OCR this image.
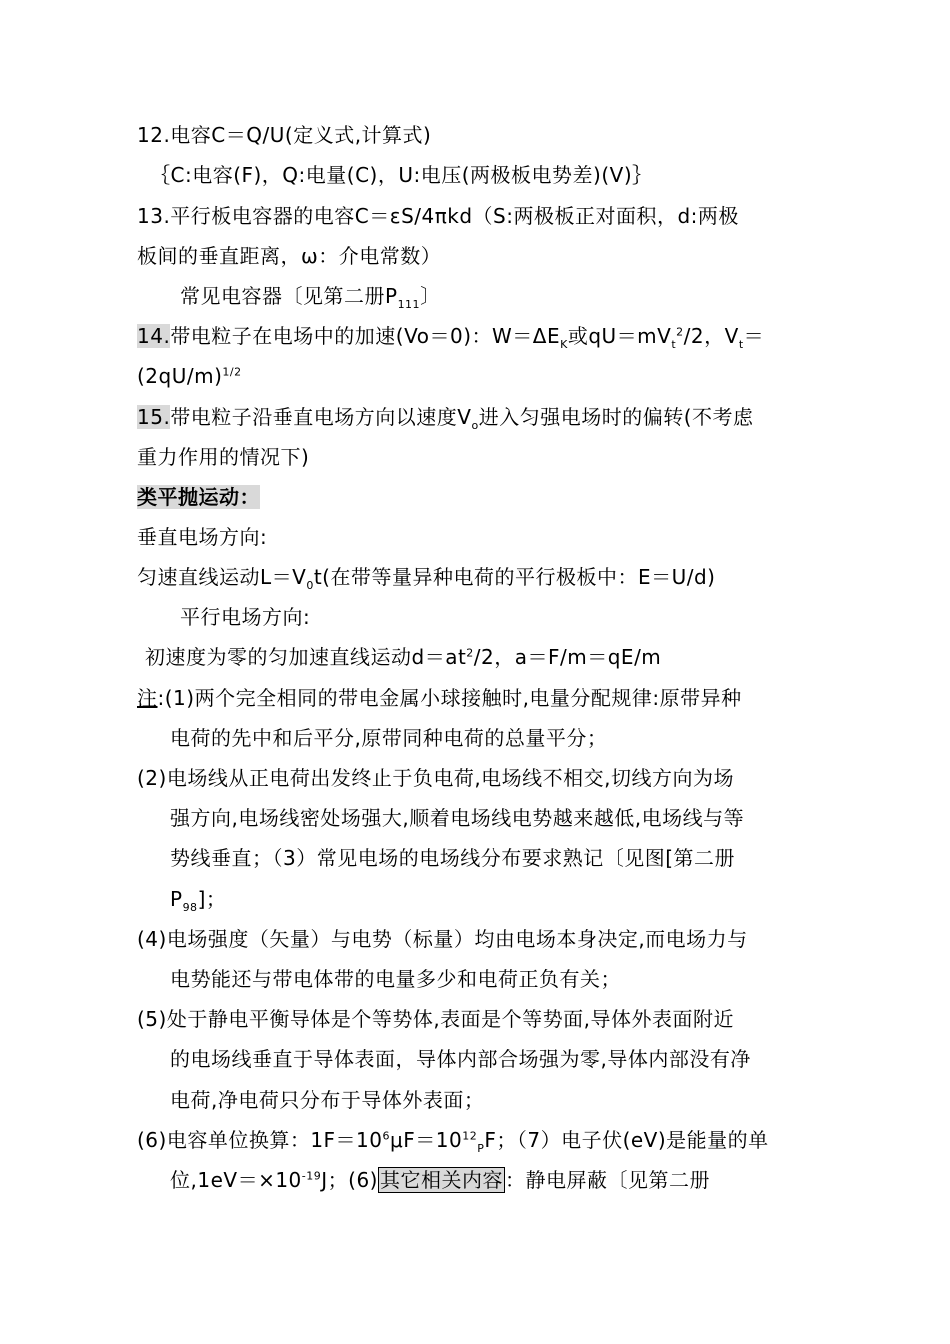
12.电容C＝Q/U(定义式,计算式)
｛C:电容(F)，Q:电量(C)，U:电压(两极板电势差)(V)｝
13.平行板电容器的电容C＝εS/4πkd（S:两极板正对面积，d:两极
板间的垂直距离，ω：介电常数）
常见电容器〔见第二册$P_{111}$〕
14.带电粒子在电场中的加速(Vo＝0)：$W=\Delta E_K$或$qU=mV_t^2/2$，$V_t=$
$(2qU/m)^{1/2}$
15.带电粒子沿垂直电场方向以速度$V_o$进入匀强电场时的偏转(不考虑
重力作用的情况下)
类平抛运动：
垂直电场方向:
匀速直线运动$L=V_0t$(在带等量异种电荷的平行极板中：E＝U/d)
平行电场方向:
初速度为零的匀加速直线运动$d=at^2/2$，a＝F/m＝qE/m
注:(1)两个完全相同的带电金属小球接触时,电量分配规律:原带异种
电荷的先中和后平分,原带同种电荷的总量平分；
(2)电场线从正电荷出发终止于负电荷,电场线不相交,切线方向为场
强方向,电场线密处场强大,顺着电场线电势越来越低,电场线与等
势线垂直；（3）常见电场的电场线分布要求熟记〔见图[第二册
$P_{98}$]；
(4)电场强度（矢量）与电势（标量）均由电场本身决定,而电场力与
电势能还与带电体带的电量多少和电荷正负有关；
(5)处于静电平衡导体是个等势体,表面是个等势面,导体外表面附近
的电场线垂直于导体表面，导体内部合场强为零,导体内部没有净
电荷,净电荷只分布于导体外表面；
(6)电容单位换算：$1F=10^6\mu F=10^{12}_PF$；（7）电子伏(eV)是能量的单
位$,1eV=\times 10^{-19}J$；(6) 其它相关内容 ：静电屏蔽〔见第二册
